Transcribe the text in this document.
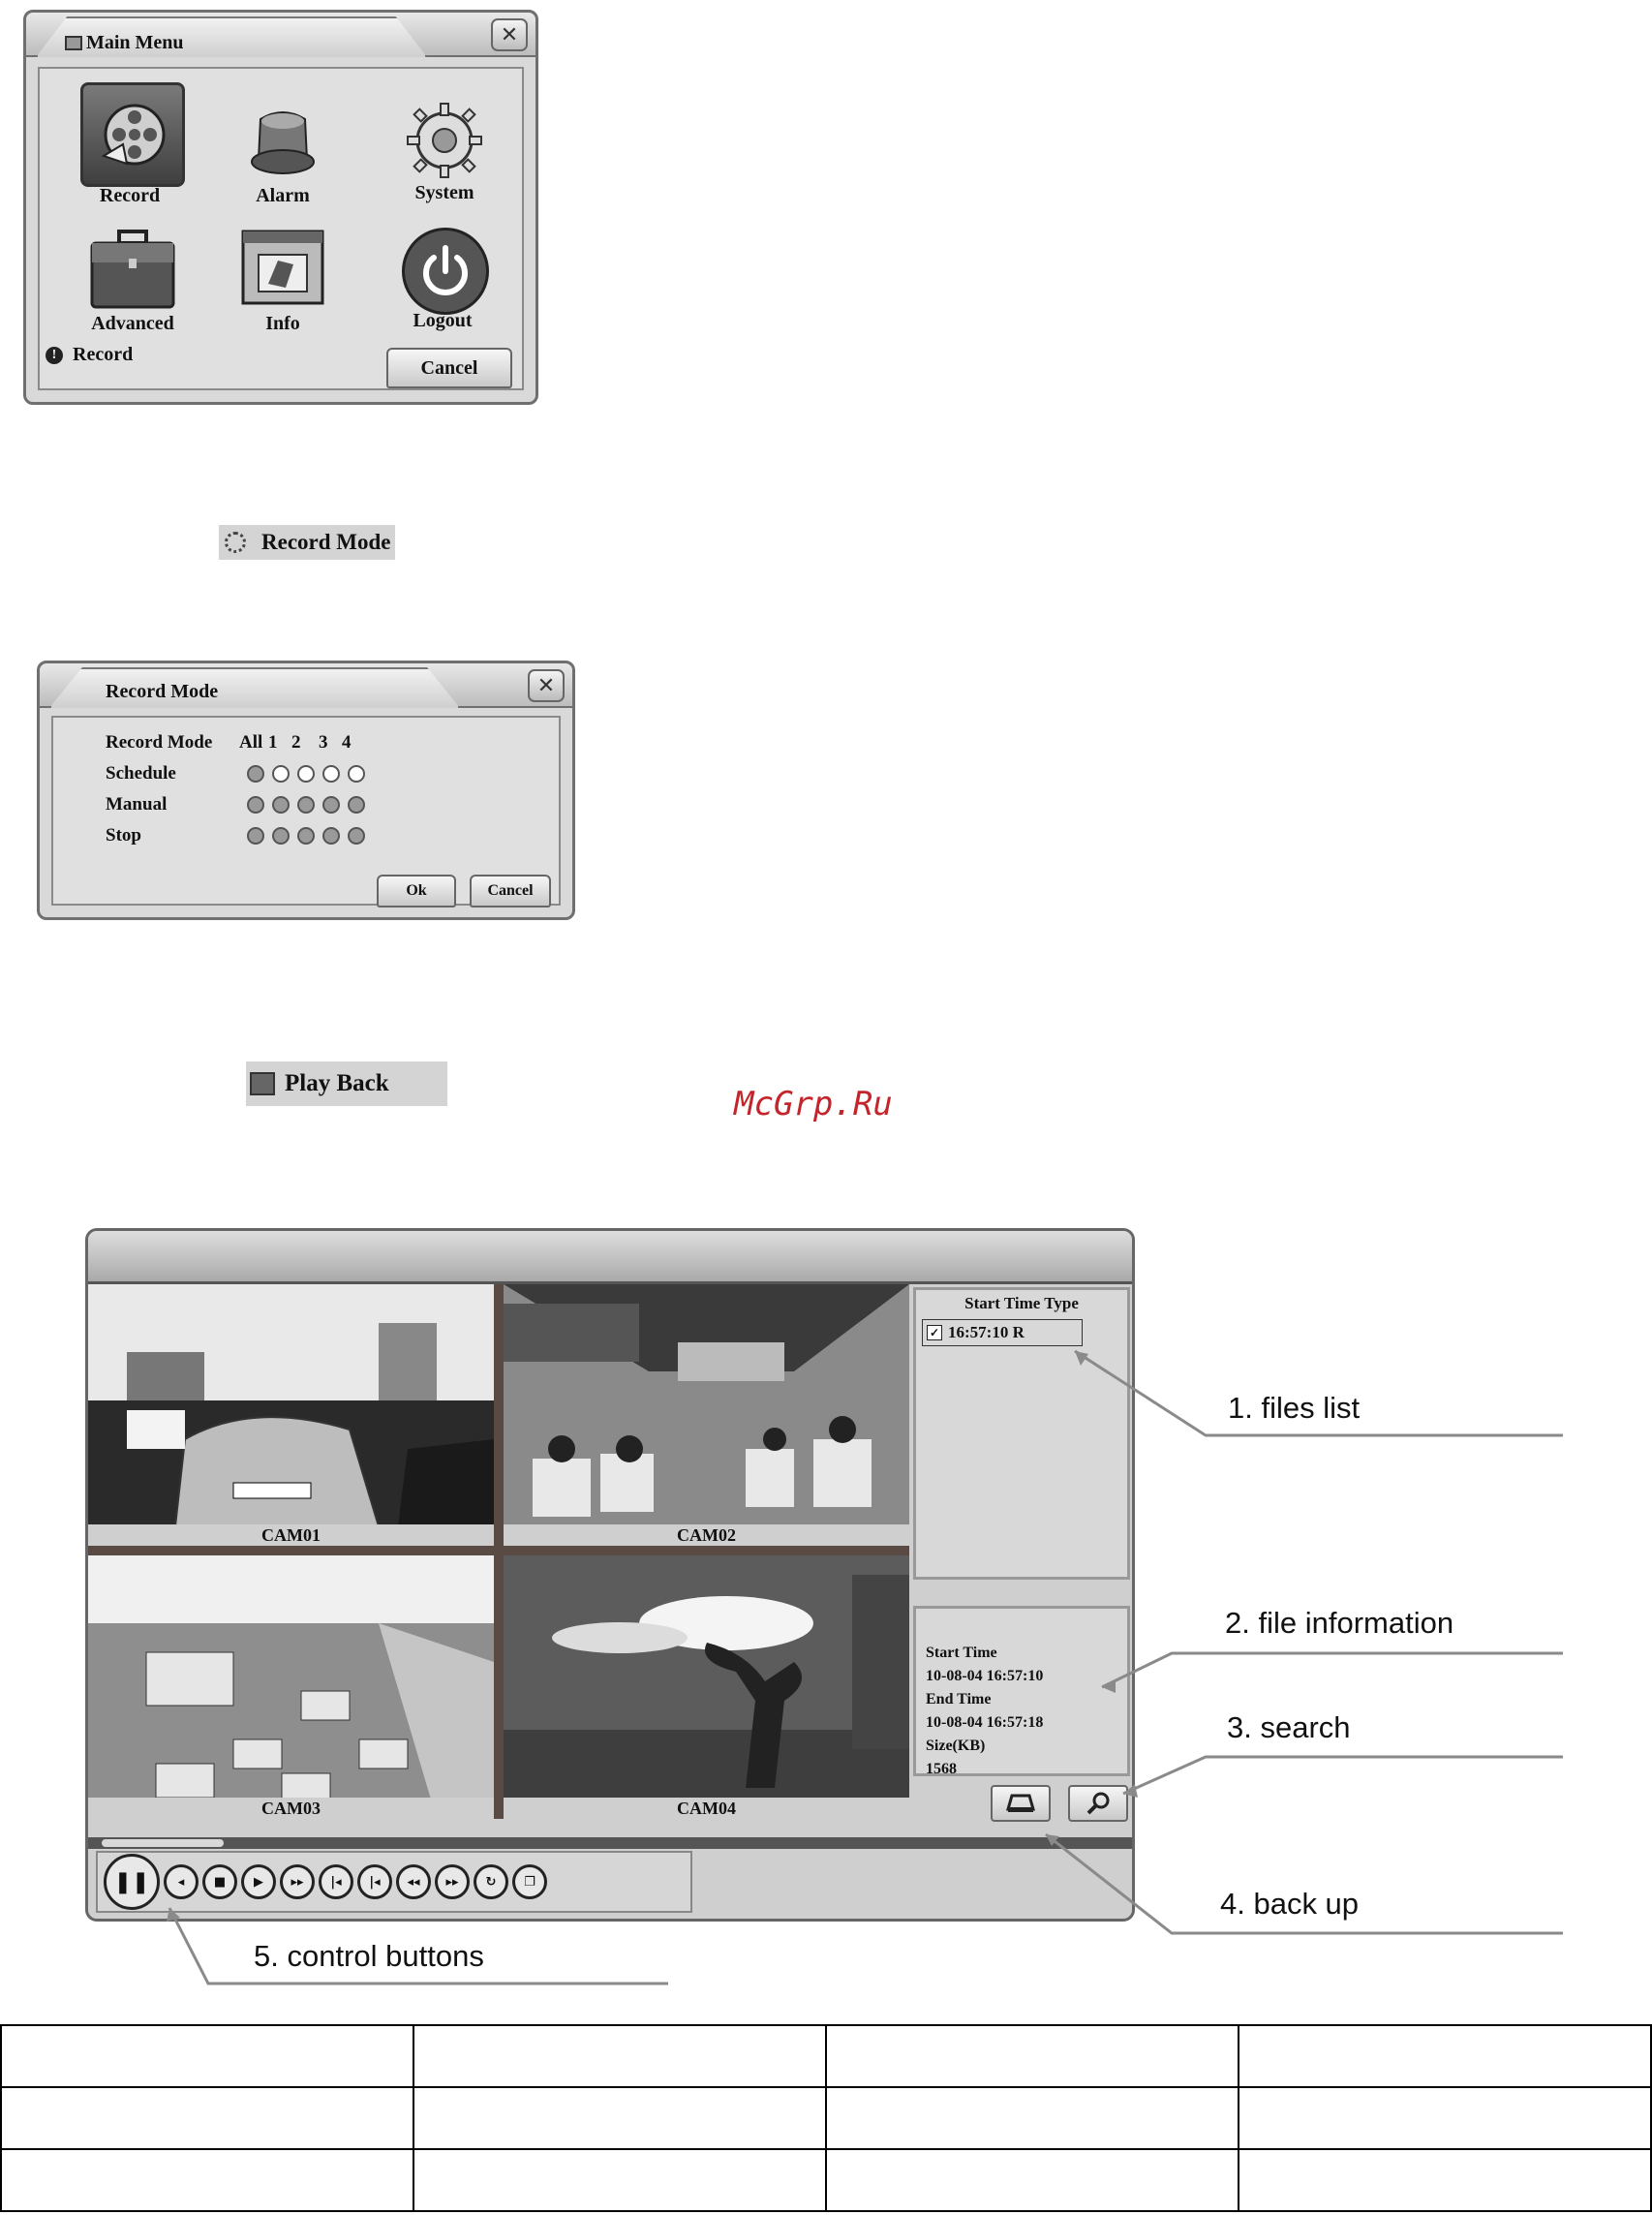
Main Menu	✕
Record	Alarm	System
Advanced	Info	Logout
! Record
Cancel
Record Mode
Record Mode	✕
Record Mode	All 1 2 3 4
Schedule
Manual
Stop
Ok	Cancel
Play Back
McGrp.Ru
CAM01	CAM02
CAM03	CAM04
Start Time Type
✓ 16:57:10 R
Start Time
10-08-04 16:57:10
End Time
10-08-04 16:57:18
Size(KB)
1568
❚❚ ◂ ■ ▶ ▸▸ |◂ |◂ ◂◂ ▸▸ ↻ ❐
1. files list
2. file information
3. search
4. back up
5. control buttons
